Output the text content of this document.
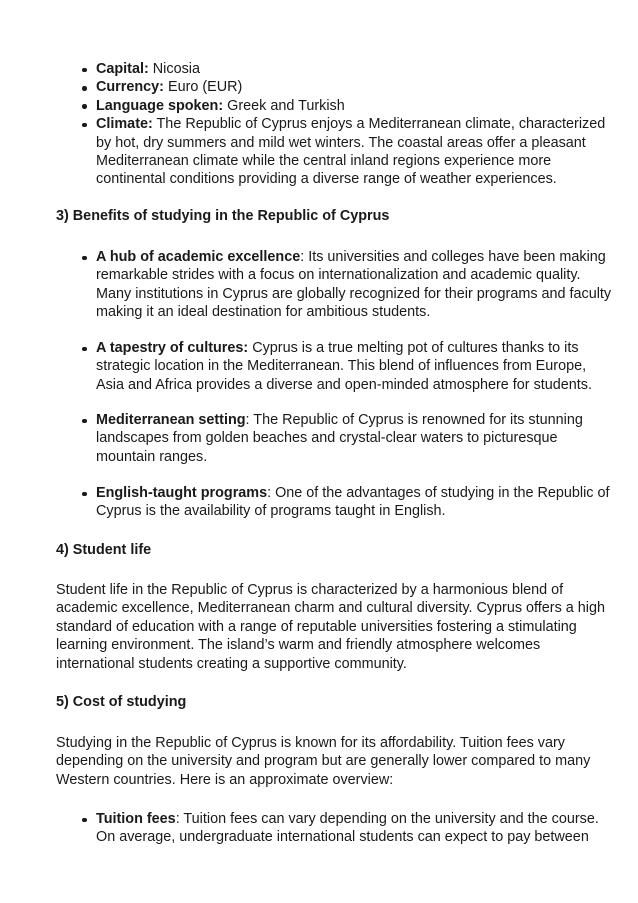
Capital: Nicosia
Currency: Euro (EUR)
Language spoken: Greek and Turkish
Climate: The Republic of Cyprus enjoys a Mediterranean climate, characterized by hot, dry summers and mild wet winters. The coastal areas offer a pleasant Mediterranean climate while the central inland regions experience more continental conditions providing a diverse range of weather experiences.
3) Benefits of studying in the Republic of Cyprus
A hub of academic excellence: Its universities and colleges have been making remarkable strides with a focus on internationalization and academic quality. Many institutions in Cyprus are globally recognized for their programs and faculty making it an ideal destination for ambitious students.
A tapestry of cultures: Cyprus is a true melting pot of cultures thanks to its strategic location in the Mediterranean. This blend of influences from Europe, Asia and Africa provides a diverse and open-minded atmosphere for students.
Mediterranean setting: The Republic of Cyprus is renowned for its stunning landscapes from golden beaches and crystal-clear waters to picturesque mountain ranges.
English-taught programs: One of the advantages of studying in the Republic of Cyprus is the availability of programs taught in English.
4) Student life

Student life in the Republic of Cyprus is characterized by a harmonious blend of academic excellence, Mediterranean charm and cultural diversity. Cyprus offers a high standard of education with a range of reputable universities fostering a stimulating learning environment. The island’s warm and friendly atmosphere welcomes international students creating a supportive community.

5) Cost of studying

Studying in the Republic of Cyprus is known for its affordability. Tuition fees vary depending on the university and program but are generally lower compared to many Western countries. Here is an approximate overview:

Tuition fees: Tuition fees can vary depending on the university and the course. On average, undergraduate international students can expect to pay between
